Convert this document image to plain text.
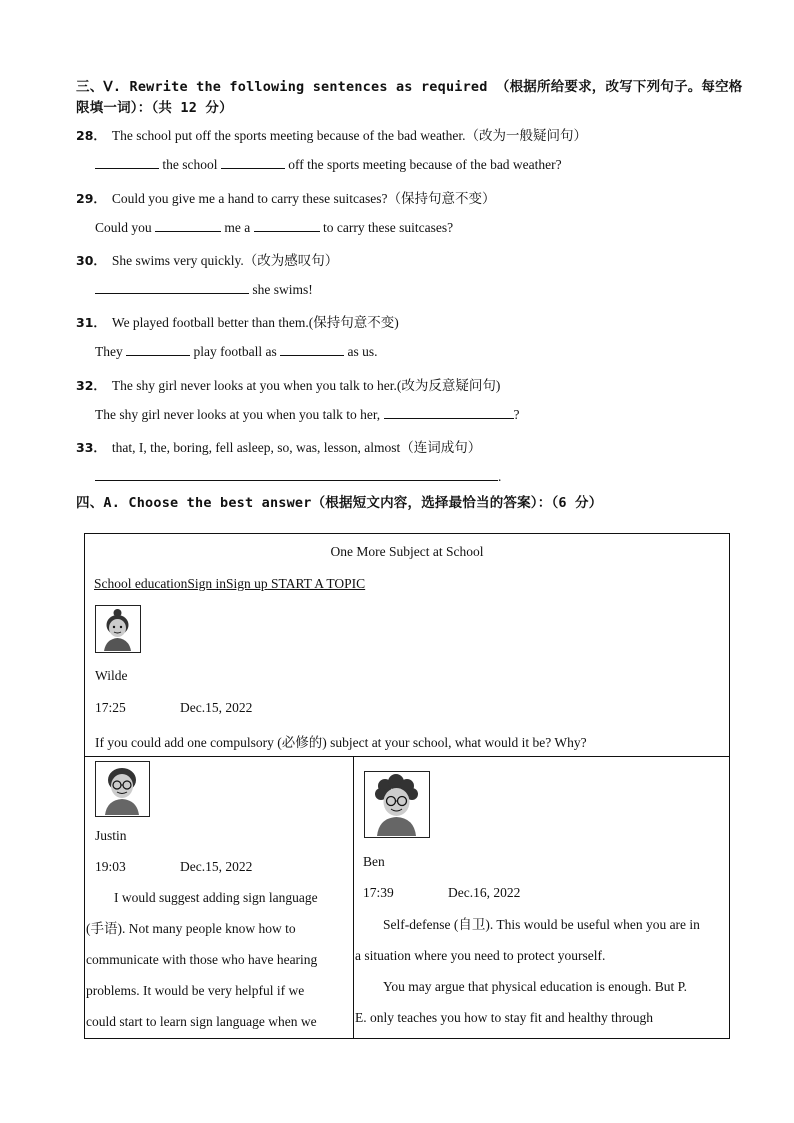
三、Ⅴ. Rewrite the following sentences as required （根据所给要求，改写下列句子。每空格限填一词）：（共 12 分）
28． The school put off the sports meeting because of the bad weather.（改为一般疑问句）
the school	off the sports meeting because of the bad weather?
29． Could you give me a hand to carry these suitcases?（保持句意不变）
Could you	me a	to carry these suitcases?
30． She swims very quickly.（改为感叹句）
she swims!
31． We played football better than them.(保持句意不变)
They	play football as	as us.
32． The shy girl never looks at you when you talk to her.(改为反意疑问句)
The shy girl never looks at you when you talk to her,	?
33． that, I, the, boring, fell asleep, so, was, lesson, almost（连词成句）
.
四、A. Choose the best answer（根据短文内容，选择最恰当的答案）：（6 分）
One More Subject at School
School educationSign inSign up START A TOPIC
Wilde
17:25	Dec.15, 2022
If you could add one compulsory (必修的) subject at your school, what would it be? Why?
Justin
19:03	Dec.15, 2022
I would suggest adding sign language
(手语). Not many people know how to
communicate with those who have hearing
problems. It would be very helpful if we
could start to learn sign language when we
Ben
17:39	Dec.16, 2022
Self-defense (自卫). This would be useful when you are in
a situation where you need to protect yourself.
You may argue that physical education is enough. But P.
E. only teaches you how to stay fit and healthy through
